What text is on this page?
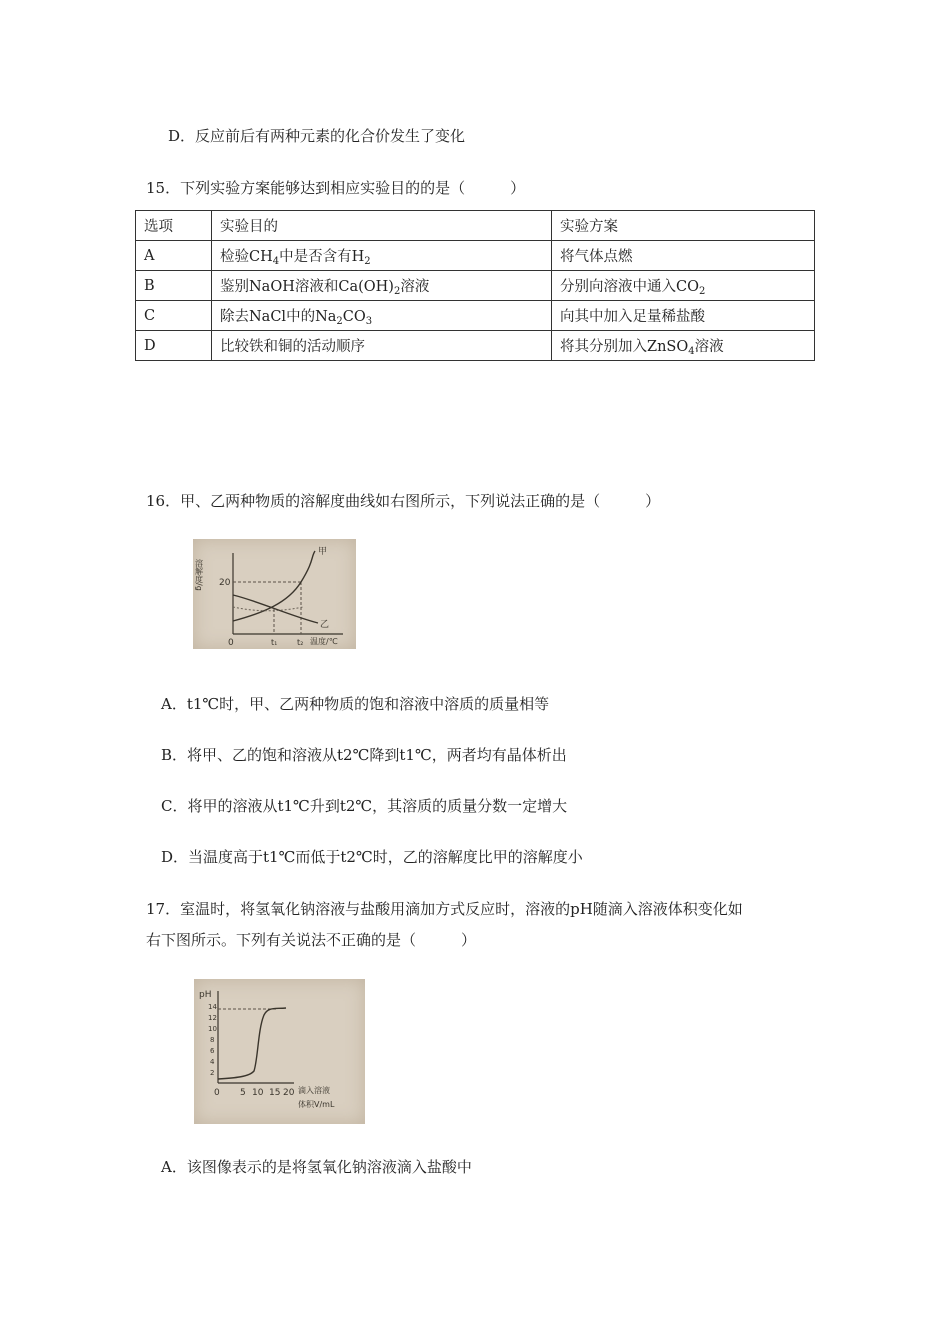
D．反应前后有两种元素的化合价发生了变化
15．下列实验方案能够达到相应实验目的的是（　　　）
选项	实验目的	实验方案
A	检验$CH_4$中是否含有$H_2$	将气体点燃
B	鉴别NaOH溶液和$Ca(OH)_2$溶液	分别向溶液中通入$CO_2$
C	除去NaCl中的$Na_2CO_3$	向其中加入足量稀盐酸
D	比较铁和铜的活动顺序	将其分别加入ZnSO$_4$溶液
16．甲、乙两种物质的溶解度曲线如右图所示，下列说法正确的是（　　　）
溶解度/g 20
0	t₁ t₂ 温度/℃
甲
乙
A．t1℃时，甲、乙两种物质的饱和溶液中溶质的质量相等
B．将甲、乙的饱和溶液从t2℃降到t1℃，两者均有晶体析出
C．将甲的溶液从t1℃升到t2℃，其溶质的质量分数一定增大
D．当温度高于t1℃而低于t2℃时，乙的溶解度比甲的溶解度小
17．室温时，将氢氧化钠溶液与盐酸用滴加方式反应时，溶液的pH随滴入溶液体积变化如
右下图所示。下列有关说法不正确的是（　　　）
pH
14
12
10
8
6
4
2
0 5 10 15 20 滴入溶液
体积V/mL
A．该图像表示的是将氢氧化钠溶液滴入盐酸中
